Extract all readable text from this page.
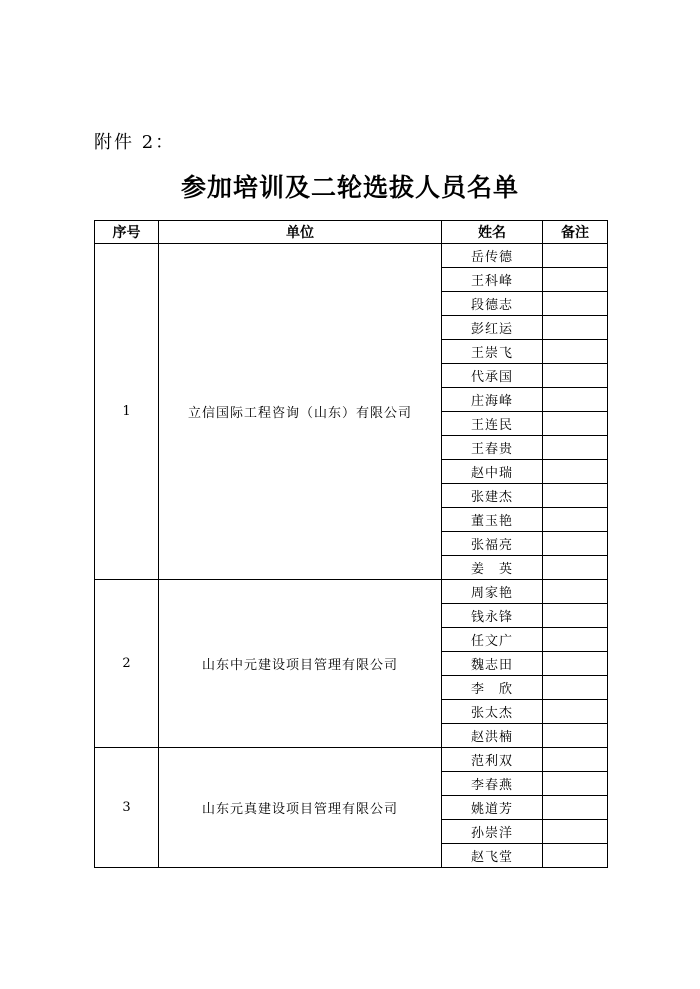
附件 2：
参加培训及二轮选拔人员名单
序号	单位	姓名	备注
1	立信国际工程咨询（山东）有限公司	岳传德	
		王科峰	
		段德志	
		彭红运	
		王崇飞	
		代承国	
		庄海峰	
		王连民	
		王春贵	
		赵中瑞	
		张建杰	
		董玉艳	
		张福亮	
		姜　英	
2	山东中元建设项目管理有限公司	周家艳	
		钱永锋	
		任文广	
		魏志田	
		李　欣	
		张太杰	
		赵洪楠	
3	山东元真建设项目管理有限公司	范利双	
		李春燕	
		姚道芳	
		孙崇洋	
		赵飞堂	
